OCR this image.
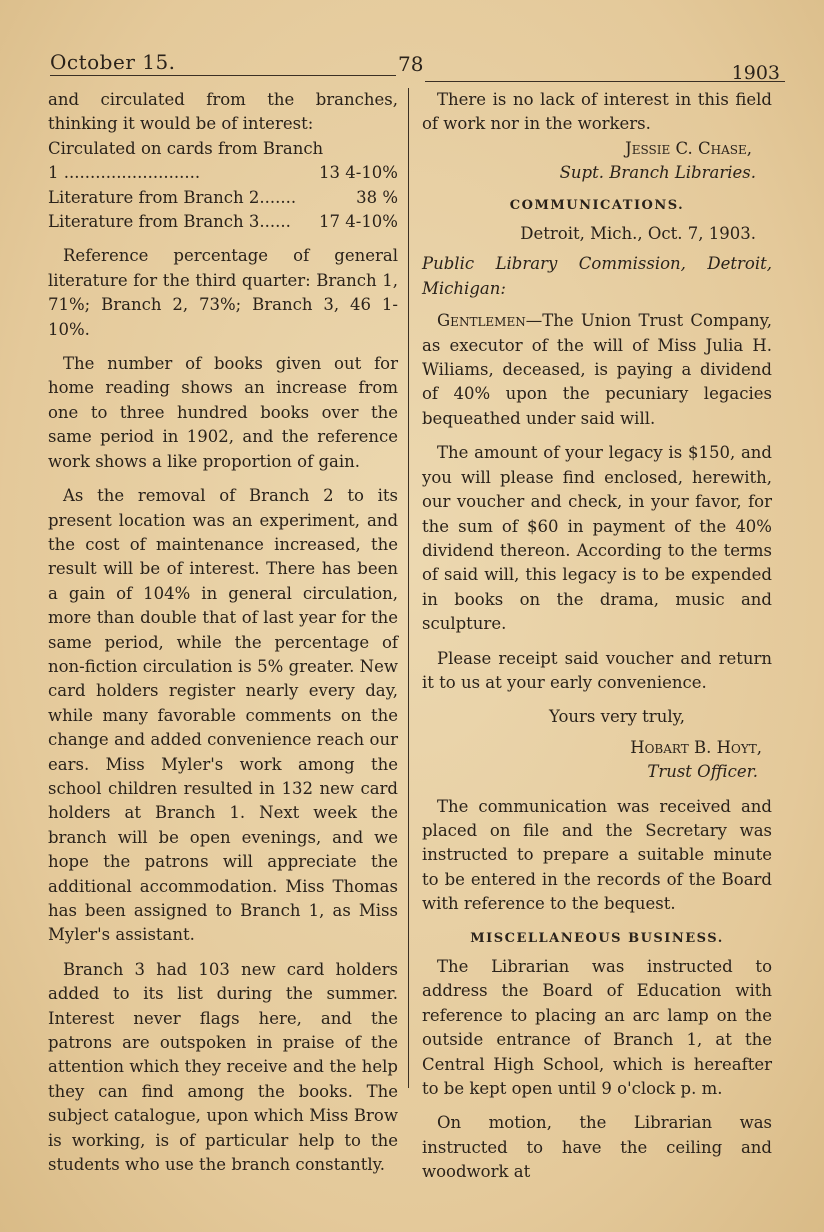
October 15.	78	1903

and circulated from the branches, thinking it would be of interest:

Circulated on cards from Branch
1 ..........................	13 4-10%
Literature from Branch 2.......	38 %
Literature from Branch 3......	17 4-10%

Reference percentage of general literature for the third quarter: Branch 1, 71%; Branch 2, 73%; Branch 3, 46 1-10%.

The number of books given out for home reading shows an increase from one to three hundred books over the same period in 1902, and the reference work shows a like proportion of gain.

As the removal of Branch 2 to its present location was an experiment, and the cost of maintenance increased, the result will be of interest. There has been a gain of 104% in general circulation, more than double that of last year for the same period, while the percentage of non-fiction circulation is 5% greater. New card holders register nearly every day, while many favorable comments on the change and added convenience reach our ears. Miss Myler's work among the school children resulted in 132 new card holders at Branch 1. Next week the branch will be open evenings, and we hope the patrons will appreciate the additional accommodation. Miss Thomas has been assigned to Branch 1, as Miss Myler's assistant.

Branch 3 had 103 new card holders added to its list during the summer. Interest never flags here, and the patrons are outspoken in praise of the attention which they receive and the help they can find among the books. The subject catalogue, upon which Miss Brow is working, is of particular help to the students who use the branch constantly.

There is no lack of interest in this field of work nor in the workers.

Jessie C. Chase,

Supt. Branch Libraries.

COMMUNICATIONS.

Detroit, Mich., Oct. 7, 1903.

Public Library Commission, Detroit, Michigan:

Gentlemen—The Union Trust Company, as executor of the will of Miss Julia H. Wiliams, deceased, is paying a dividend of 40% upon the pecuniary legacies bequeathed under said will.

The amount of your legacy is $150, and you will please find enclosed, herewith, our voucher and check, in your favor, for the sum of $60 in payment of the 40% dividend thereon. According to the terms of said will, this legacy is to be expended in books on the drama, music and sculpture.

Please receipt said voucher and return it to us at your early convenience.

Yours very truly,

Hobart B. Hoyt,

Trust Officer.

The communication was received and placed on file and the Secretary was instructed to prepare a suitable minute to be entered in the records of the Board with reference to the bequest.

MISCELLANEOUS BUSINESS.

The Librarian was instructed to address the Board of Education with reference to placing an arc lamp on the outside entrance of Branch 1, at the Central High School, which is hereafter to be kept open until 9 o'clock p. m.

On motion, the Librarian was instructed to have the ceiling and woodwork at
